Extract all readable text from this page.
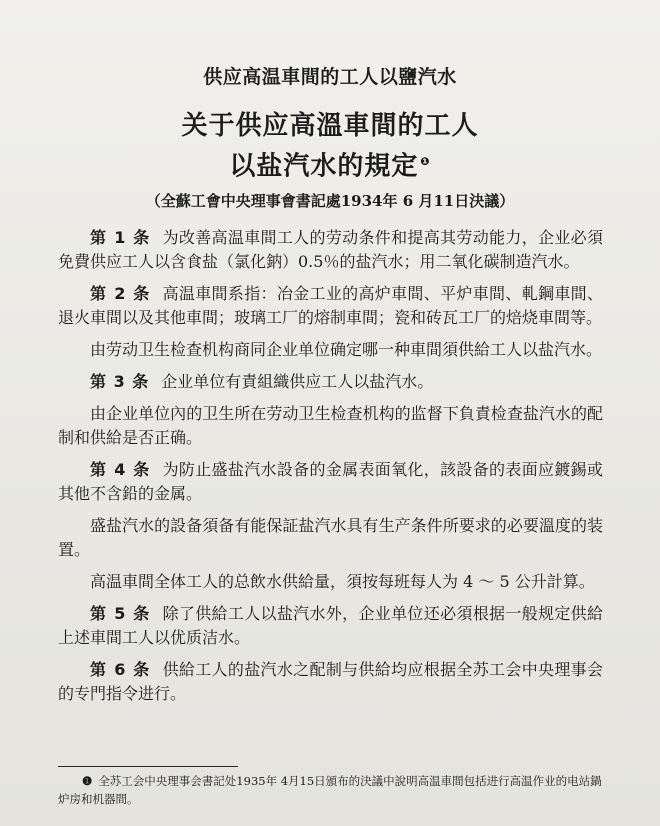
供应高温車間的工人以鹽汽水
关于供应高溫車間的工人
以盐汽水的規定 $^❶$
（全蘇工會中央理事會書記處1934年 6 月11日決議）

第 1 条 为改善高温車間工人的劳动条件和提高其劳动能力，企业必須免費供应工人以含食盐（氯化鈉）0.5％的盐汽水；用二氧化碳制造汽水。

第 2 条 高温車間系指：冶金工业的高炉車間、平炉車間、軋鋼車間、退火車間以及其他車間；玻璃工厂的熔制車間；瓷和砖瓦工厂的焙烧車間等。

由劳动卫生检查机构商同企业单位确定哪一种車間須供給工人以盐汽水。

第 3 条 企业单位有責組織供应工人以盐汽水。

由企业单位內的卫生所在劳动卫生检查机构的监督下負責检查盐汽水的配制和供給是否正确。

第 4 条 为防止盛盐汽水設备的金属表面氧化，該設备的表面应鍍錫或其他不含鉛的金属。

盛盐汽水的設备須备有能保証盐汽水具有生产条件所要求的必要溫度的装置。

高温車間全体工人的总飲水供給量，須按每班每人为 4 ～ 5 公升計算。

第 5 条 除了供給工人以盐汽水外，企业单位还必須根据一般规定供給上述車間工人以优质洁水。

第 6 条 供給工人的盐汽水之配制与供給均应根据全苏工会中央理事会的专門指令进行。

❶ 全苏工会中央理事会書記处1935年 4月15日頒布的決議中說明高温車間包括进行高温作业的电站鍋炉房和机器間。
